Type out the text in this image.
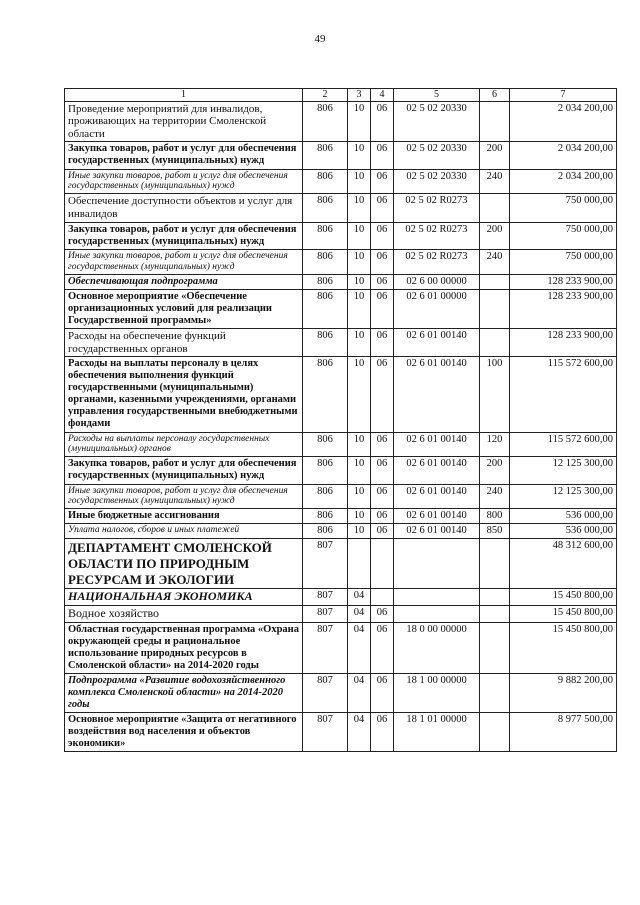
49
1	2	3	4	5	6	7
Проведение мероприятий для инвалидов, проживающих на территории Смоленской области	806	10	06	02 5 02 20330		2 034 200,00
Закупка товаров, работ и услуг для обеспечения государственных (муниципальных) нужд	806	10	06	02 5 02 20330	200	2 034 200,00
Иные закупки товаров, работ и услуг для обеспечения государственных (муниципальных) нужд	806	10	06	02 5 02 20330	240	2 034 200,00
Обеспечение доступности объектов и услуг для инвалидов	806	10	06	02 5 02 R0273		750 000,00
Закупка товаров, работ и услуг для обеспечения государственных (муниципальных) нужд	806	10	06	02 5 02 R0273	200	750 000,00
Иные закупки товаров, работ и услуг для обеспечения государственных (муниципальных) нужд	806	10	06	02 5 02 R0273	240	750 000,00
Обеспечивающая подпрограмма	806	10	06	02 6 00 00000		128 233 900,00
Основное мероприятие «Обеспечение организационных условий для реализации Государственной программы»	806	10	06	02 6 01 00000		128 233 900,00
Расходы на обеспечение функций государственных органов	806	10	06	02 6 01 00140		128 233 900,00
Расходы на выплаты персоналу в целях обеспечения выполнения функций государственными (муниципальными) органами, казенными учреждениями, органами управления государственными внебюджетными фондами	806	10	06	02 6 01 00140	100	115 572 600,00
Расходы на выплаты персоналу государственных (муниципальных) органов	806	10	06	02 6 01 00140	120	115 572 600,00
Закупка товаров, работ и услуг для обеспечения государственных (муниципальных) нужд	806	10	06	02 6 01 00140	200	12 125 300,00
Иные закупки товаров, работ и услуг для обеспечения государственных (муниципальных) нужд	806	10	06	02 6 01 00140	240	12 125 300,00
Иные бюджетные ассигнования	806	10	06	02 6 01 00140	800	536 000,00
Уплата налогов, сборов и иных платежей	806	10	06	02 6 01 00140	850	536 000,00
ДЕПАРТАМЕНТ СМОЛЕНСКОЙ ОБЛАСТИ ПО ПРИРОДНЫМ РЕСУРСАМ И ЭКОЛОГИИ	807					48 312 600,00
НАЦИОНАЛЬНАЯ ЭКОНОМИКА	807	04				15 450 800,00
Водное хозяйство	807	04	06			15 450 800,00
Областная государственная программа «Охрана окружающей среды и рациональное использование природных ресурсов в Смоленской области» на 2014-2020 годы	807	04	06	18 0 00 00000		15 450 800,00
Подпрограмма «Развитие водохозяйственного комплекса Смоленской области» на 2014-2020 годы	807	04	06	18 1 00 00000		9 882 200,00
Основное мероприятие «Защита от негативного воздействия вод населения и объектов экономики»	807	04	06	18 1 01 00000		8 977 500,00
